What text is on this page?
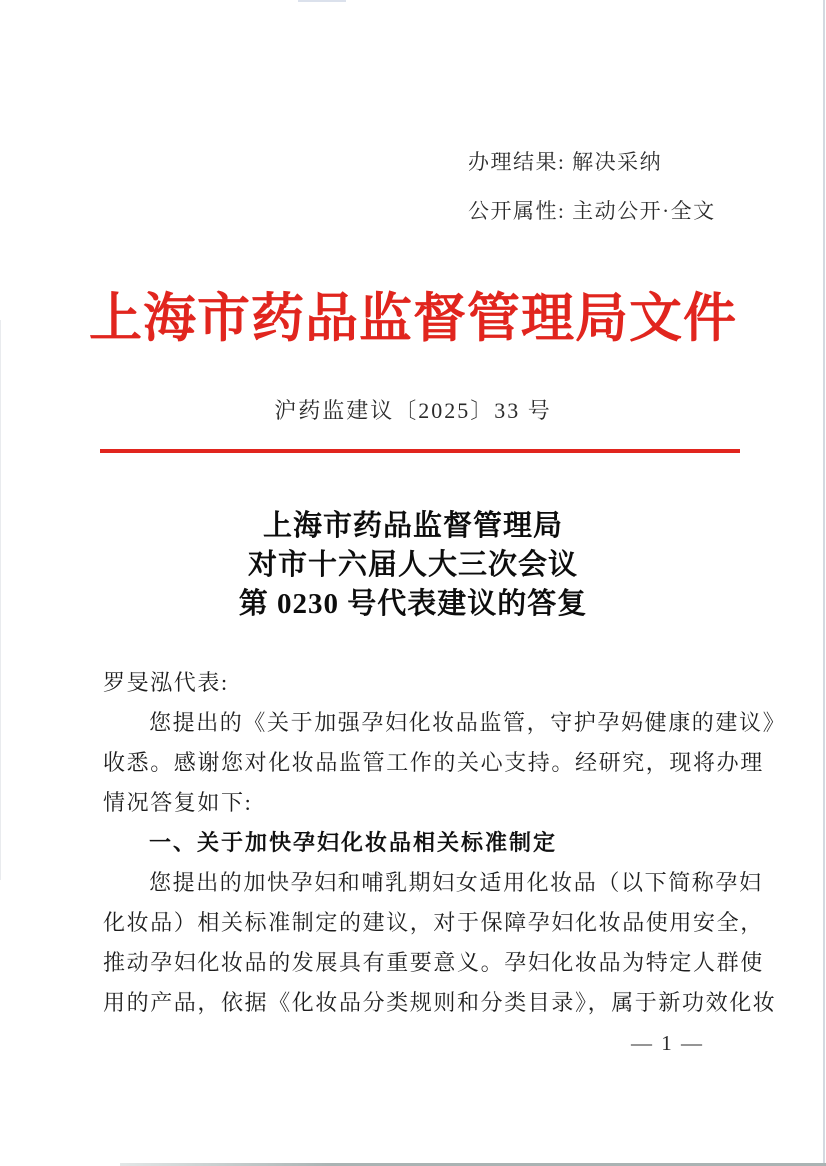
办理结果: 解决采纳
公开属性: 主动公开·全文
上海市药品监督管理局文件
沪药监建议〔2025〕33 号
上海市药品监督管理局
对市十六届人大三次会议
第 0230 号代表建议的答复
罗旻泓代表:
您提出的《关于加强孕妇化妆品监管，守护孕妈健康的建议》
收悉。感谢您对化妆品监管工作的关心支持。经研究，现将办理
情况答复如下:
一、关于加快孕妇化妆品相关标准制定
您提出的加快孕妇和哺乳期妇女适用化妆品（以下简称孕妇
化妆品）相关标准制定的建议，对于保障孕妇化妆品使用安全，
推动孕妇化妆品的发展具有重要意义。孕妇化妆品为特定人群使
用的产品，依据《化妆品分类规则和分类目录》，属于新功效化妆
— 1 —
